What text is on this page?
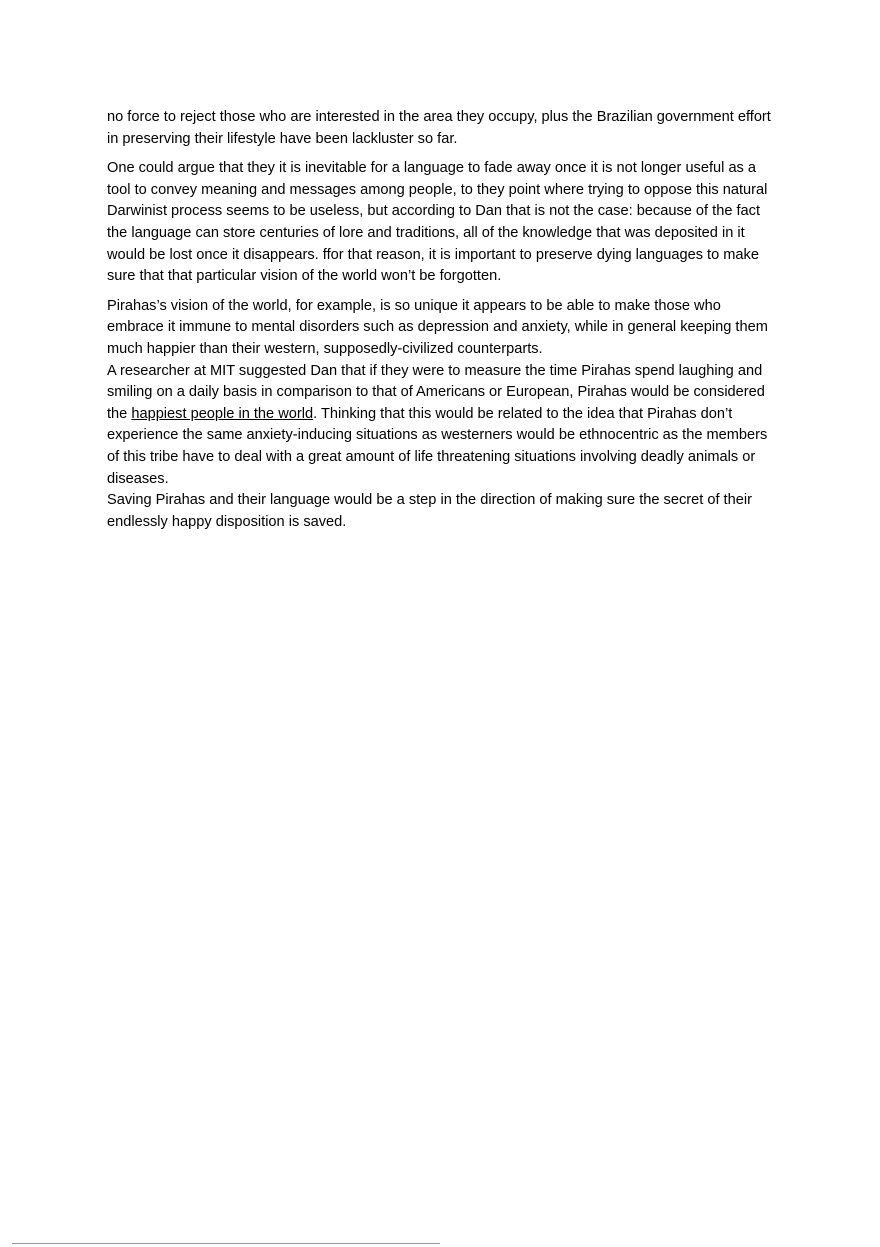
no force to reject those who are interested in the area they occupy, plus the Brazilian government effort in preserving their lifestyle have been lackluster so far.

One could argue that they it is inevitable for a language to fade away once it is not longer useful as a tool to convey meaning and messages among people, to they point where trying to oppose this natural Darwinist process seems to be useless, but according to Dan that is not the case: because of the fact the language can store centuries of lore and traditions, all of the knowledge that was deposited in it would be lost once it disappears. ffor that reason, it is important to preserve dying languages to make sure that that particular vision of the world won’t be forgotten.

Pirahas’s vision of the world, for example, is so unique it appears to be able to make those who embrace it immune to mental disorders such as depression and anxiety, while in general keeping them much happier than their western, supposedly-civilized counterparts.

A researcher at MIT suggested Dan that if they were to measure the time Pirahas spend laughing and smiling on a daily basis in comparison to that of Americans or European, Pirahas would be considered the happiest people in the world. Thinking that this would be related to the idea that Pirahas don’t experience the same anxiety-inducing situations as westerners would be ethnocentric as the members of this tribe have to deal with a great amount of life threatening situations involving deadly animals or diseases.

Saving Pirahas and their language would be a step in the direction of making sure the secret of their endlessly happy disposition is saved.
